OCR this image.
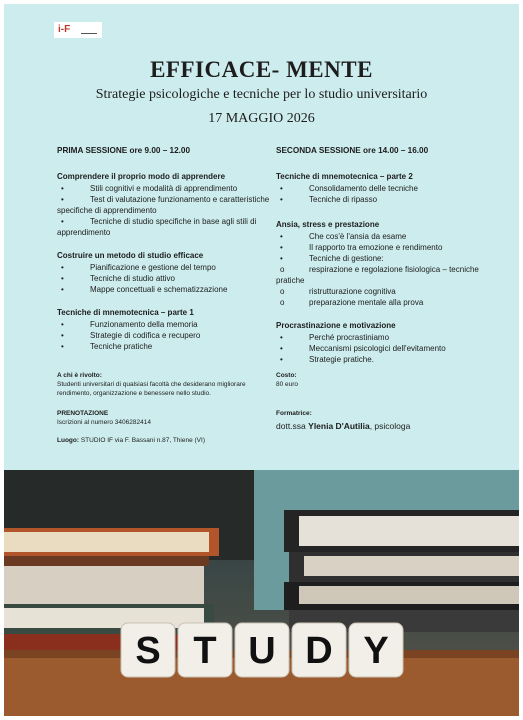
i-F
EFFICACE- MENTE
Strategie psicologiche e tecniche per lo studio universitario
17 MAGGIO 2026
PRIMA SESSIONE ore 9.00 – 12.00
Comprendere il proprio modo di apprendere
•	Stili cognitivi e modalità di apprendimento
•	Test di valutazione funzionamento e caratteristiche specifiche di apprendimento
•	Tecniche di studio specifiche in base agli stili di apprendimento
Costruire un metodo di studio efficace
•	Pianificazione e gestione del tempo
•	Tecniche di studio attivo
•	Mappe concettuali e schematizzazione
Tecniche di mnemotecnica – parte 1
•	Funzionamento della memoria
•	Strategie di codifica e recupero
•	Tecniche pratiche
SECONDA SESSIONE ore 14.00 – 16.00
Tecniche di mnemotecnica – parte 2
•	Consolidamento delle tecniche
•	Tecniche di ripasso
Ansia, stress e prestazione
•	Che cos'è l'ansia da esame
•	Il rapporto tra emozione e rendimento
•	Tecniche di gestione:
o	respirazione e regolazione fisiologica – tecniche pratiche
o	ristrutturazione cognitiva
o	preparazione mentale alla prova
Procrastinazione e motivazione
•	Perché procrastiniamo
•	Meccanismi psicologici dell'evitamento
•	Strategie pratiche.
A chi è rivolto:
Studenti universitari di qualsiasi facoltà che desiderano migliorare rendimento, organizzazione e benessere nello studio.
PRENOTAZIONE
Iscrizioni al numero 3406282414
Luogo: STUDIO IF via F. Bassani n.87, Thiene (VI)
Costo:
80 euro
Formatrice:
dott.ssa Ylenia D'Autilia, psicologa
S T U D Y
